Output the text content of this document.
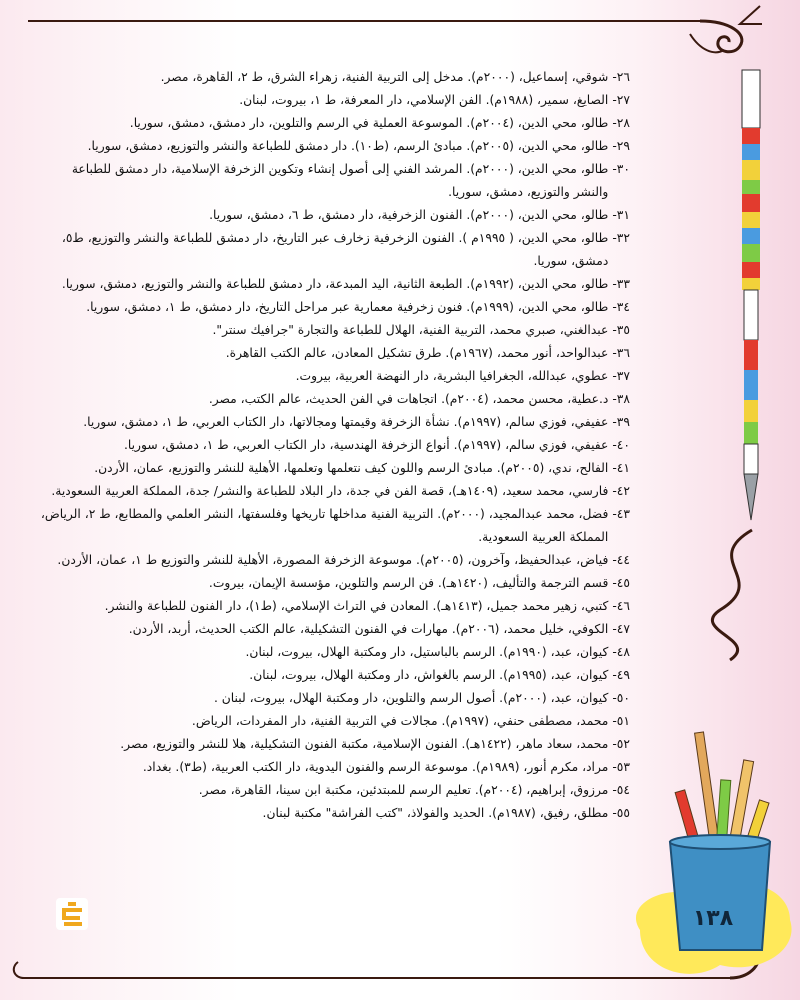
٢٦-
شوقي، إسماعيل، (٢٠٠٠م). مدخل إلى التربية الفنية، زهراء الشرق، ط ٢، القاهرة، مصر.
٢٧-
الصايغ، سمير، (١٩٨٨م). الفن الإسلامي، دار المعرفة، ط ١، بيروت، لبنان.
٢٨-
طالو، محي الدين، (٢٠٠٤م). الموسوعة العملية في الرسم والتلوين، دار دمشق، دمشق، سوريا.
٢٩-
طالو، محي الدين، (٢٠٠٥م). مبادئ الرسم، (ط١٠). دار دمشق للطباعة والنشر والتوزيع، دمشق، سوريا.
٣٠-
طالو، محي الدين، (٢٠٠٠م). المرشد الفني إلى أصول إنشاء وتكوين الزخرفة الإسلامية، دار دمشق للطباعة والنشر والتوزيع، دمشق، سوريا.
٣١-
طالو، محي الدين، (٢٠٠٠م). الفنون الزخرفية، دار دمشق، ط ٦، دمشق، سوريا.
٣٢-
طالو، محي الدين، ( ١٩٩٥م ). الفنون الزخرفية زخارف عبر التاريخ، دار دمشق للطباعة والنشر والتوزيع، ط٥، دمشق، سوريا.
٣٣-
طالو، محي الدين، (١٩٩٢م). الطبعة الثانية، اليد المبدعة، دار دمشق للطباعة والنشر والتوزيع، دمشق، سوريا.
٣٤-
طالو، محي الدين، (١٩٩٩م). فنون زخرفية معمارية عبر مراحل التاريخ، دار دمشق، ط ١، دمشق، سوريا.
٣٥-
عبدالغني، صبري محمد، التربية الفنية، الهلال للطباعة والتجارة "جرافيك سنتر".
٣٦-
عبدالواحد، أنور محمد، (١٩٦٧م). طرق تشكيل المعادن، عالم الكتب القاهرة.
٣٧-
عطوي، عبدالله، الجغرافيا البشرية، دار النهضة العربية، بيروت.
٣٨-
د.عطية، محسن محمد، (٢٠٠٤م). اتجاهات في الفن الحديث، عالم الكتب، مصر.
٣٩-
عفيفي، فوزي سالم، (١٩٩٧م). نشأة الزخرفة وقيمتها ومجالاتها، دار الكتاب العربي، ط ١، دمشق، سوريا.
٤٠-
عفيفي، فوزي سالم، (١٩٩٧م). أنواع الزخرفة الهندسية، دار الكتاب العربي، ط ١، دمشق، سوريا.
٤١-
الفالح، ندي، (٢٠٠٥م). مبادئ الرسم واللون كيف نتعلمها وتعلمها، الأهلية للنشر والتوزيع، عمان، الأردن.
٤٢-
فارسي، محمد سعيد، (١٤٠٩هـ)، قصة الفن في جدة، دار البلاد للطباعة والنشر/ جدة، المملكة العربية السعودية.
٤٣-
فضل، محمد عبدالمجيد، (٢٠٠٠م). التربية الفنية مداخلها تاريخها وفلسفتها، النشر العلمي والمطابع، ط ٢، الرياض، المملكة العربية السعودية.
٤٤-
فياض، عبدالحفيظ، وآخرون، (٢٠٠٥م). موسوعة الزخرفة المصورة، الأهلية للنشر والتوزيع ط ١، عمان، الأردن.
٤٥-
قسم الترجمة والتأليف، (١٤٢٠هـ). فن الرسم والتلوين، مؤسسة الإيمان، بيروت.
٤٦-
كتبي، زهير محمد جميل، (١٤١٣هـ). المعادن في التراث الإسلامي، (ط١)، دار الفنون للطباعة والنشر.
٤٧-
الكوفي، خليل محمد، (٢٠٠٦م). مهارات في الفنون التشكيلية، عالم الكتب الحديث، أربد، الأردن.
٤٨-
كيوان، عبد، (١٩٩٠م). الرسم بالباستيل، دار ومكتبة الهلال، بيروت، لبنان.
٤٩-
كيوان، عبد، (١٩٩٥م). الرسم بالغواش، دار ومكتبة الهلال، بيروت، لبنان.
٥٠-
كيوان، عبد، (٢٠٠٠م). أصول الرسم والتلوين، دار ومكتبة الهلال، بيروت، لبنان .
٥١-
محمد، مصطفى حنفي، (١٩٩٧م). مجالات في التربية الفنية، دار المفردات، الرياض.
٥٢-
محمد، سعاد ماهر، (١٤٢٢هـ). الفنون الإسلامية، مكتبة الفنون التشكيلية، هلا للنشر والتوزيع، مصر.
٥٣-
مراد، مكرم أنور، (١٩٨٩م). موسوعة الرسم والفنون اليدوية، دار الكتب العربية، (ط٣). بغداد.
٥٤-
مرزوق، إبراهيم، (٢٠٠٤م). تعليم الرسم للمبتدئين، مكتبة ابن سينا، القاهرة، مصر.
٥٥-
مطلق، رفيق، (١٩٨٧م). الحديد والفولاذ، "كتب الفراشة" مكتبة لبنان.
١٣٨
